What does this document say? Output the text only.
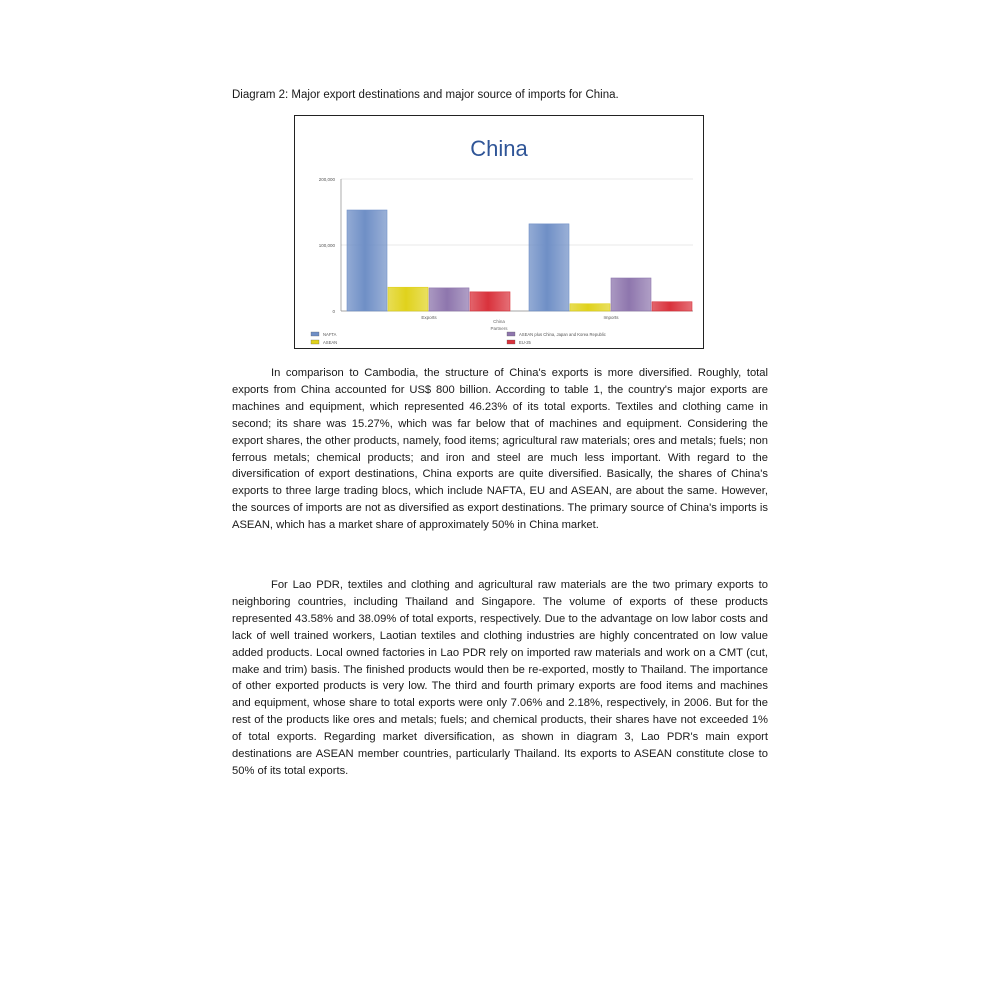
Diagram 2: Major export destinations and major source of imports for China.
China
0
100,000
200,000
Exports	Imports
China
Partners
NAFTA
ASEAN
ASEAN plus China, Japan and Korea Republic
EU-25

In comparison to Cambodia, the structure of China's exports is more diversified. Roughly, total exports from China accounted for US$ 800 billion. According to table 1, the country's major exports are machines and equipment, which represented 46.23% of its total exports. Textiles and clothing came in second; its share was 15.27%, which was far below that of machines and equipment. Considering the export shares, the other products, namely, food items; agricultural raw materials; ores and metals; fuels; non ferrous metals; chemical products; and iron and steel are much less important. With regard to the diversification of export destinations, China exports are quite diversified. Basically, the shares of China's exports to three large trading blocs, which include NAFTA, EU and ASEAN, are about the same. However, the sources of imports are not as diversified as export destinations. The primary source of China's imports is ASEAN, which has a market share of approximately 50% in China market.

For Lao PDR, textiles and clothing and agricultural raw materials are the two primary exports to neighboring countries, including Thailand and Singapore. The volume of exports of these products represented 43.58% and 38.09% of total exports, respectively. Due to the advantage on low labor costs and lack of well trained workers, Laotian textiles and clothing industries are highly concentrated on low value added products. Local owned factories in Lao PDR rely on imported raw materials and work on a CMT (cut, make and trim) basis. The finished products would then be re-exported, mostly to Thailand. The importance of other exported products is very low. The third and fourth primary exports are food items and machines and equipment, whose share to total exports were only 7.06% and 2.18%, respectively, in 2006. But for the rest of the products like ores and metals; fuels; and chemical products, their shares have not exceeded 1% of total exports. Regarding market diversification, as shown in diagram 3, Lao PDR's main export destinations are ASEAN member countries, particularly Thailand. Its exports to ASEAN constitute close to 50% of its total exports.
